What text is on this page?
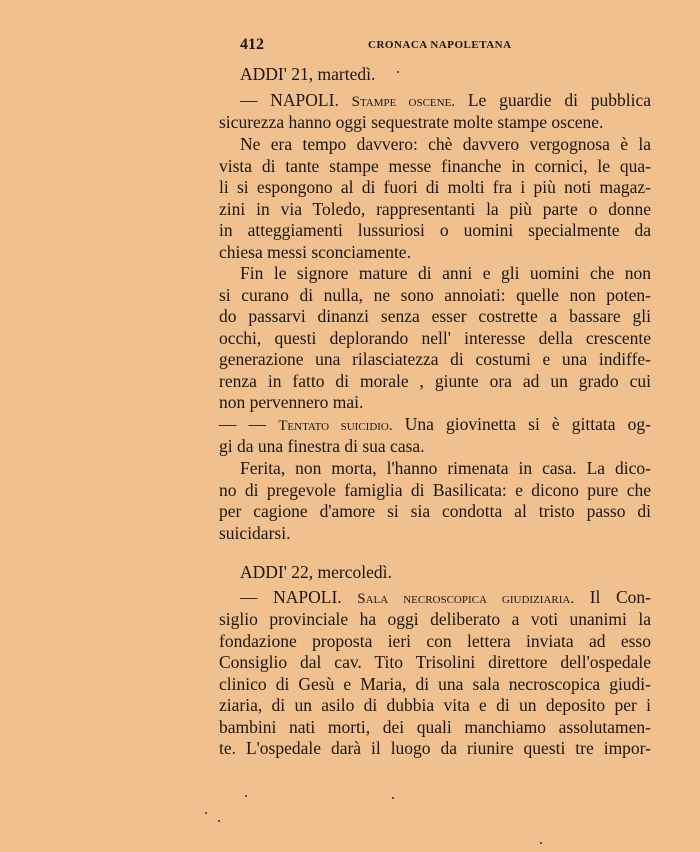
412	CRONACA NAPOLETANA
ADDI' 21, martedì.
— NAPOLI. Stampe oscene. Le guardie di pubblica
sicurezza hanno oggi sequestrate molte stampe oscene.
Ne era tempo davvero: chè davvero vergognosa è la
vista di tante stampe messe finanche in cornici, le qua-
li si espongono al di fuori di molti fra i più noti magaz-
zini in via Toledo, rappresentanti la più parte o donne
in atteggiamenti lussuriosi o uomini specialmente da
chiesa messi sconciamente.
Fin le signore mature di anni e gli uomini che non
si curano di nulla, ne sono annoiati: quelle non poten-
do passarvi dinanzi senza esser costrette a bassare gli
occhi, questi deplorando nell' interesse della crescente
generazione una rilasciatezza di costumi e una indiffe-
renza in fatto di morale , giunte ora ad un grado cui
non pervennero mai.
— — Tentato suicidio. Una giovinetta si è gittata og-
gi da una finestra di sua casa.
Ferita, non morta, l'hanno rimenata in casa. La dico-
no di pregevole famiglia di Basilicata: e dicono pure che
per cagione d'amore si sia condotta al tristo passo di
suicidarsi.
ADDI' 22, mercoledì.
— NAPOLI. Sala necroscopica giudiziaria. Il Con-
siglio provinciale ha oggi deliberato a voti unanimi la
fondazione proposta ieri con lettera inviata ad esso
Consiglio dal cav. Tito Trisolini direttore dell'ospedale
clinico di Gesù e Maria, di una sala necroscopica giudi-
ziaria, di un asilo di dubbia vita e di un deposito per i
bambini nati morti, dei quali manchiamo assolutamen-
te. L'ospedale darà il luogo da riunire questi tre impor-
